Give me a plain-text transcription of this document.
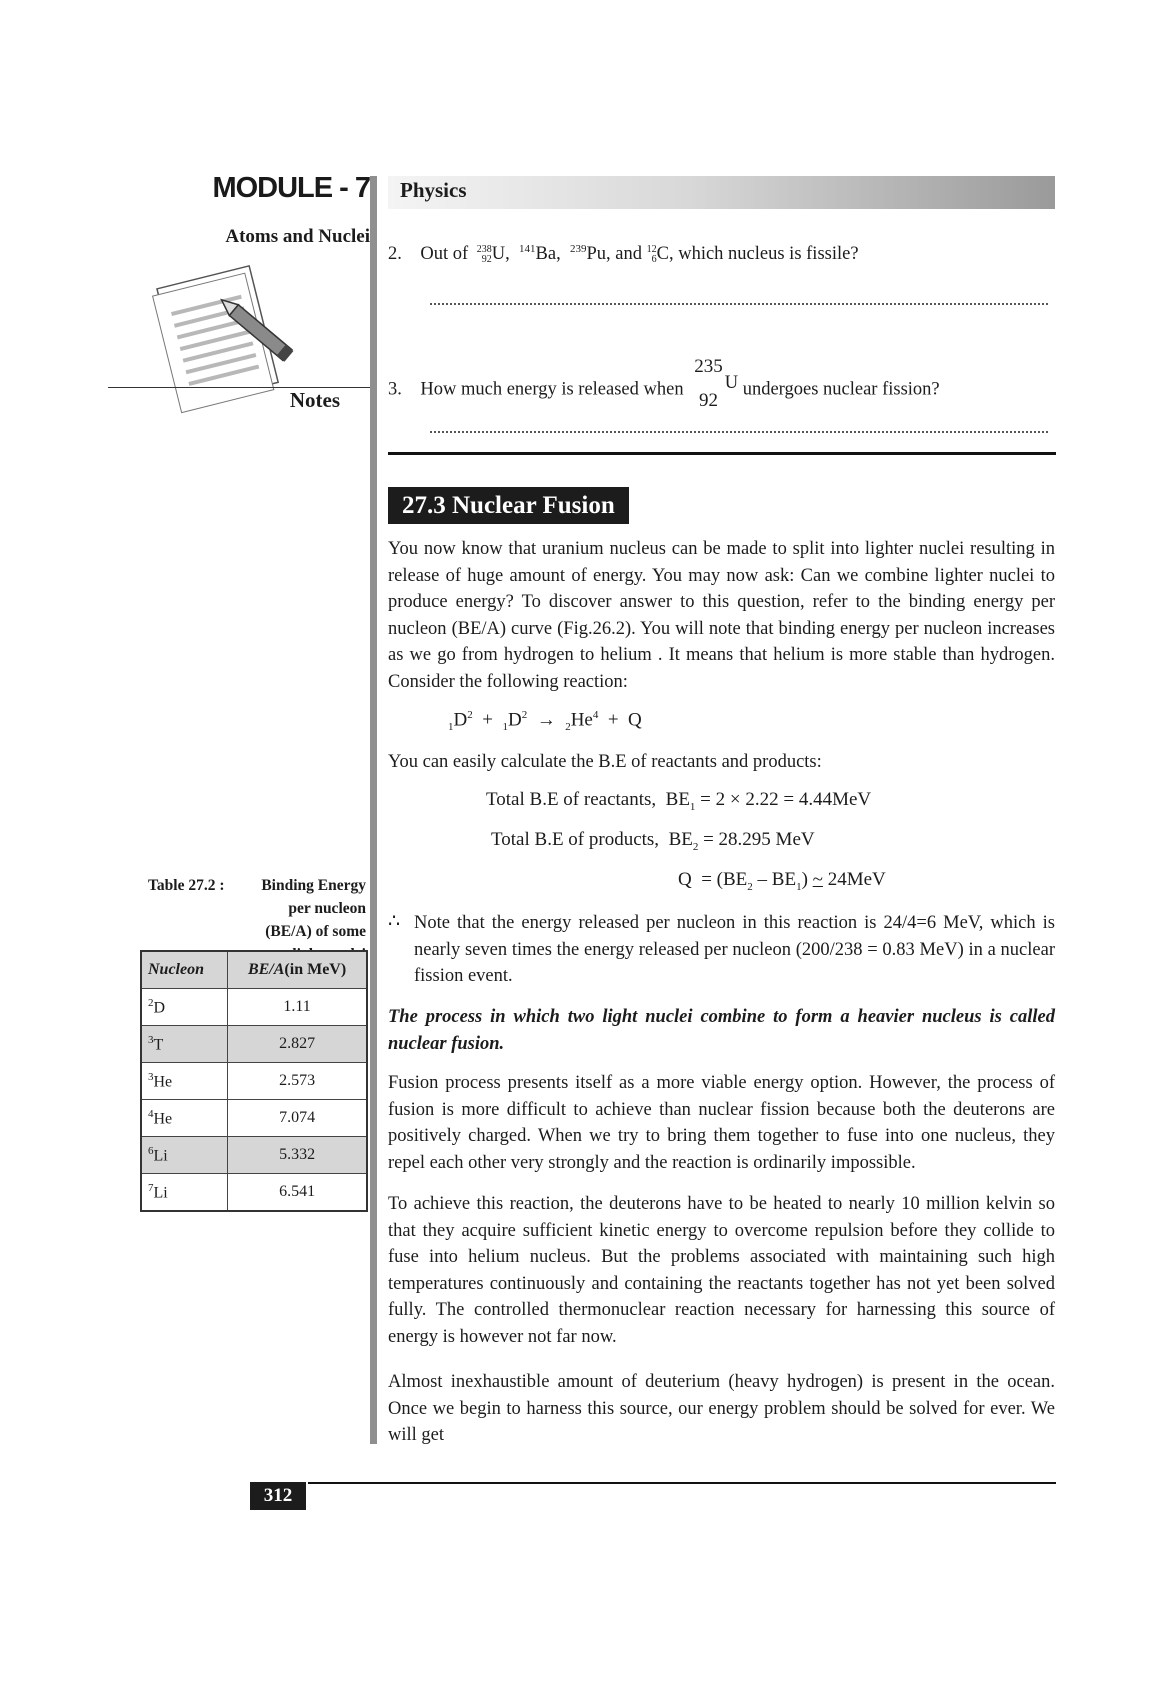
MODULE - 7
Atoms and Nuclei
Notes
Table 27.2 :	Binding Energy per nucleon (BE/A) of some
Nucleon	BE/A(in MeV)
$^2$D	1.11
$^3$T	2.827
$^3$He	2.573
$^4$He	7.074
$^6$Li	5.332
$^7$Li	6.541
Physics
2. Out of 238
92U,  $^{141}$Ba,  $^{239}$Pu, and 12
6C, which nucleus is fissile?
3. How much energy is released when 235
92U undergoes nuclear fission?
27.3 Nuclear Fusion
You now know that uranium nucleus can be made to split into lighter nuclei resulting in release of huge amount of energy. You may now ask: Can we combine lighter nuclei to produce energy? To discover answer to this question, refer to the binding energy per nucleon (BE/A) curve (Fig.26.2). You will note that binding energy per nucleon increases as we go from hydrogen to helium . It means that helium is more stable than hydrogen. Consider the following reaction:
$_1D^2 + _1D^2 \to _2He^4 + Q$
You can easily calculate the B.E of reactants and products:
Total B.E of reactants,  $BE_1 = 2 \times 2.22 = 4.44MeV$
Total B.E of products,  $BE_2 = 28.295$ MeV
$Q = (BE_2 - BE_1)$ ~ 24MeV
∴ Note that the energy released per nucleon in this reaction is 24/4=6 MeV, which is nearly seven times the energy released per nucleon (200/238 = 0.83 MeV) in a nuclear fission event.
The process in which two light nuclei combine to form a heavier nucleus is called nuclear fusion.
Fusion process presents itself as a more viable energy option. However, the process of fusion is more difficult to achieve than nuclear fission because both the deuterons are positively charged. When we try to bring them together to fuse into one nucleus, they repel each other very strongly and the reaction is ordinarily impossible.
To achieve this reaction, the deuterons have to be heated to nearly 10 million kelvin so that they acquire sufficient kinetic energy to overcome repulsion before they collide to fuse into helium nucleus. But the problems associated with maintaining such high temperatures continuously and containing the reactants together has not yet been solved fully. The controlled thermonuclear reaction necessary for harnessing this source of energy is however not far now.
Almost inexhaustible amount of deuterium (heavy hydrogen) is present in the ocean. Once we begin to harness this source, our energy problem should be solved for ever. We will get
312
